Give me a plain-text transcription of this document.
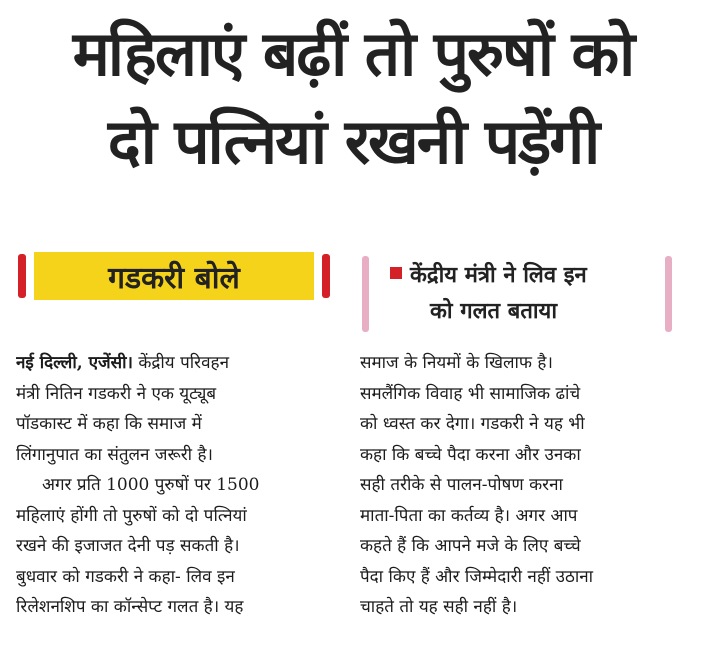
महिलाएं बढ़ीं तो पुरुषों को
दो पत्नियां रखनी पड़ेंगी
गडकरी बोले	केंद्रीय मंत्री ने लिव इन
को गलत बताया
नई दिल्ली, एजेंसी। केंद्रीय परिवहन
मंत्री नितिन गडकरी ने एक यूट्यूब
पॉडकास्ट में कहा कि समाज में
लिंगानुपात का संतुलन जरूरी है।
अगर प्रति 1000 पुरुषों पर 1500
महिलाएं होंगी तो पुरुषों को दो पत्नियां
रखने की इजाजत देनी पड़ सकती है।
बुधवार को गडकरी ने कहा- लिव इन
रिलेशनशिप का कॉन्सेप्ट गलत है। यह
समाज के नियमों के खिलाफ है।
समलैंगिक विवाह भी सामाजिक ढांचे
को ध्वस्त कर देगा। गडकरी ने यह भी
कहा कि बच्चे पैदा करना और उनका
सही तरीके से पालन-पोषण करना
माता-पिता का कर्तव्य है। अगर आप
कहते हैं कि आपने मजे के लिए बच्चे
पैदा किए हैं और जिम्मेदारी नहीं उठाना
चाहते तो यह सही नहीं है।
